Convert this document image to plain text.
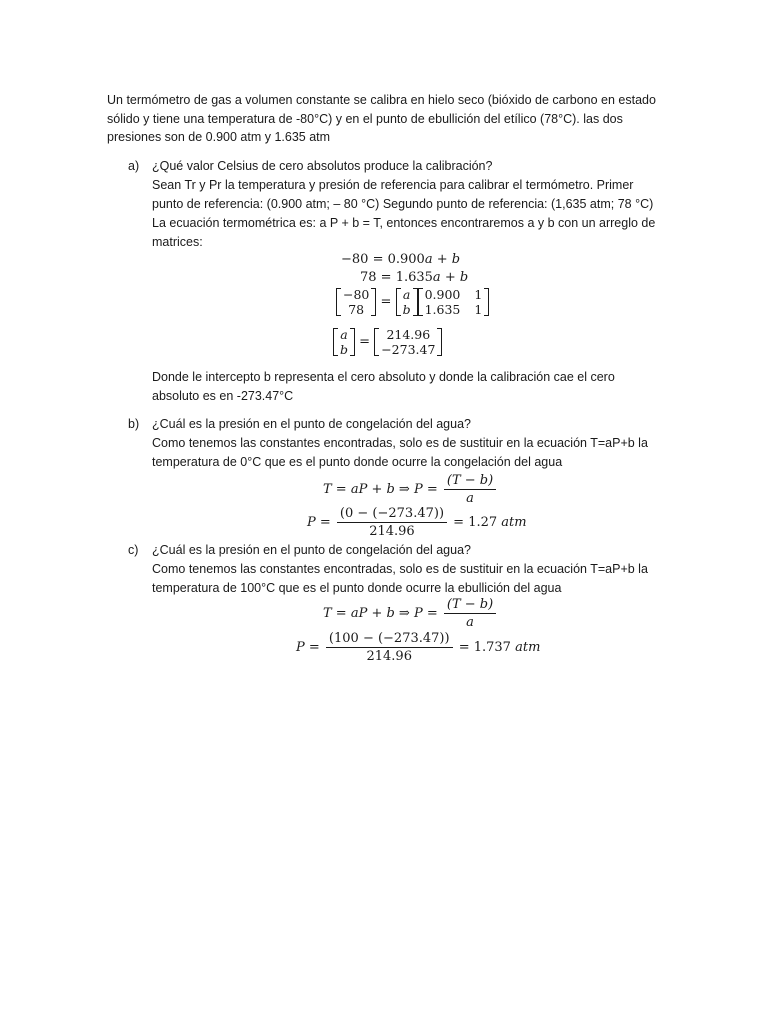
Un termómetro de gas a volumen constante se calibra en hielo seco (bióxido de carbono en estado
sólido y tiene una temperatura de -80°C) y en el punto de ebullición del etílico (78°C). las dos
presiones son de 0.900 atm y 1.635 atm
a) ¿Qué valor Celsius de cero absolutos produce la calibración?
Sean Tr y Pr la temperatura y presión de referencia para calibrar el termómetro. Primer
punto de referencia: (0.900 atm; – 80 °C) Segundo punto de referencia: (1,635 atm; 78 °C)
La ecuación termométrica es: a P + b = T, entonces encontraremos a y b con un arreglo de
matrices:
−80 = 0.900a + b
78 = 1.635a + b
−80
78 = a
b
0.900	1
1.635	1
a
b = 214.96
−273.47
Donde le intercepto b representa el cero absoluto y donde la calibración cae el cero
absoluto es en -273.47°C
b) ¿Cuál es la presión en el punto de congelación del agua?
Como tenemos las constantes encontradas, solo es de sustituir en la ecuación T=aP+b la
temperatura de 0°C que es el punto donde ocurre la congelación del agua
T = aP + b ⇒ $P = \frac{(T - b)}{a}$
$P = \frac{(0 - (-273.47))}{214.96} = 1.27$ atm
c) ¿Cuál es la presión en el punto de congelación del agua?
Como tenemos las constantes encontradas, solo es de sustituir en la ecuación T=aP+b la
temperatura de 100°C que es el punto donde ocurre la ebullición del agua
T = aP + b ⇒ $P = \frac{(T - b)}{a}$
$P = \frac{(100 - (-273.47))}{214.96} = 1.737$ atm
